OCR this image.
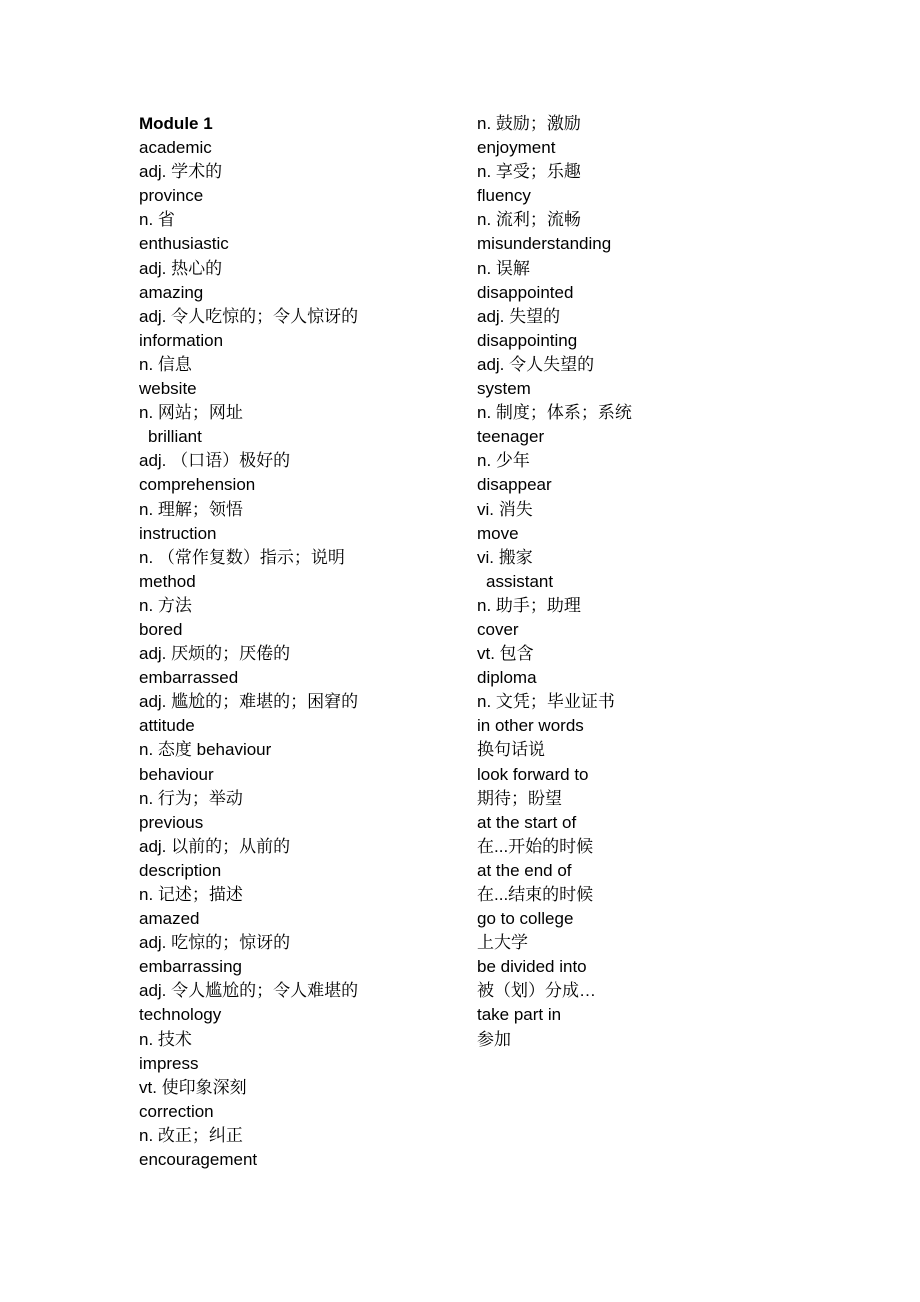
Module 1
academic
adj. 学术的
province
n. 省
enthusiastic
adj. 热心的
amazing
adj. 令人吃惊的；令人惊讶的
information
n. 信息
website
n. 网站；网址
brilliant
adj. （口语）极好的
comprehension
n. 理解；领悟
instruction
n. （常作复数）指示；说明
method
n. 方法
bored
adj. 厌烦的；厌倦的
embarrassed
adj. 尴尬的；难堪的；困窘的
attitude
n. 态度 behaviour
behaviour
n. 行为；举动
previous
adj. 以前的；从前的
description
n. 记述；描述
amazed
adj. 吃惊的；惊讶的
embarrassing
adj. 令人尴尬的；令人难堪的
technology
n. 技术
impress
vt. 使印象深刻
correction
n. 改正；纠正
encouragement
n. 鼓励；激励
enjoyment
n. 享受；乐趣
fluency
n. 流利；流畅
misunderstanding
n. 误解
disappointed
adj. 失望的
disappointing
adj. 令人失望的
system
n. 制度；体系；系统
teenager
n. 少年
disappear
vi. 消失
move
vi. 搬家
assistant
n. 助手；助理
cover
vt. 包含
diploma
n. 文凭；毕业证书
in other words
换句话说
look forward to
期待；盼望
at the start of
在...开始的时候
at the end of
在...结束的时候
go to college
上大学
be divided into
被（划）分成…
take part in
参加
